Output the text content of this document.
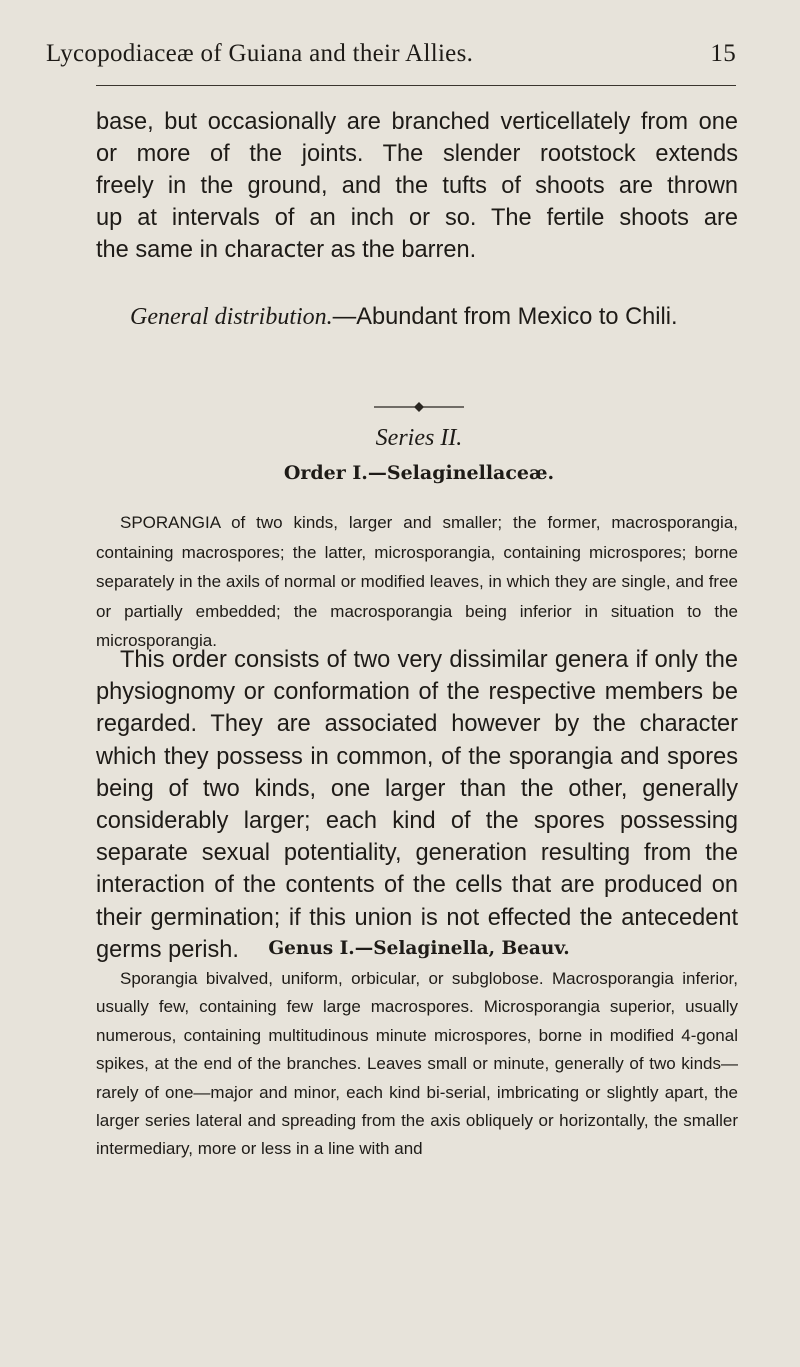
Lycopodiaceæ of Guiana and their Allies.	15
base, but occasionally are branched verticellately from one
or more of the joints. The slender rootstock extends
freely in the ground, and the tufts of shoots are thrown
up at intervals of an inch or so. The fertile shoots are
the same in charaⅽter as the barren.
General distribution.—Abundant from Mexico to Chili.
Series II.
Order I.—Selaginellaceæ.
SPORANGIA of two kinds, larger and smaller; the former, macrosporangia, containing macrospores; the latter, microsporangia, containing microspores; borne separately in the axils of normal or modified leaves, in which they are single, and free or partially embedded; the macrosporangia being inferior in situation to the microsporangia.
This order consists of two very dissimilar genera if only the physiognomy or conformation of the respective members be regarded. They are associated however by the character which they possess in common, of the sporangia and spores being of two kinds, one larger than the other, generally considerably larger; each kind of the spores possessing separate sexual potentiality, generation resulting from the interaction of the contents of the cells that are produced on their germination; if this union is not effected the antecedent germs perish.	Genus I.—Selaginella, Beauv.
Sporangia bivalved, uniform, orbicular, or subglobose. Macrosporangia inferior, usually few, containing few large macrospores. Microsporangia superior, usually numerous, containing multitudinous minute microspores, borne in modified 4-gonal spikes, at the end of the branches. Leaves small or minute, generally of two kinds—rarely of one—major and minor, each kind bi-serial, imbricating or slightly apart, the larger series lateral and spreading from the axis obliquely or horizontally, the smaller intermediary, more or less in a line with and
